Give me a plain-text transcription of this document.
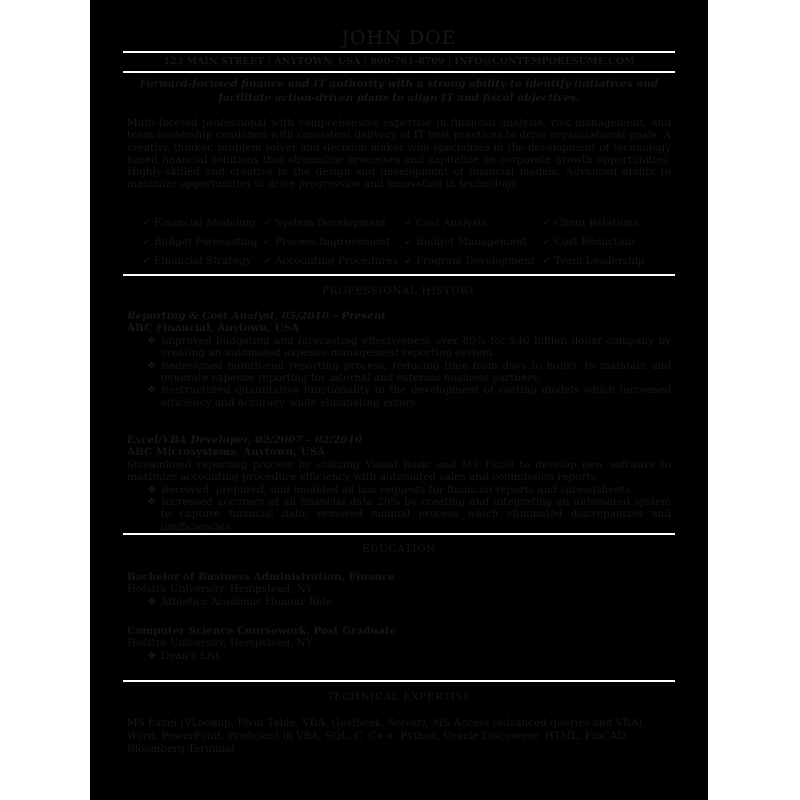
JOHN DOE
123 MAIN STREET | ANYTOWN, USA | 800-761-8709 | INFO@CONTEMPORESUME.COM
Forward-focused finance and IT authority with a strong ability to identify initiatives and facilitate action-driven plans to align IT and fiscal objectives.
Multi-faceted professional with comprehensive expertise in financial analysis, risk management, and team leadership combined with consistent delivery of IT best practices to drive organizational goals. A creative thinker, problem solver and decision maker who specializes in the development of technology based financial solutions that streamline processes and capitalize on corporate growth opportunities. Highly-skilled and creative in the design and development of financial models. Advanced ability to maximize opportunities to drive progression and innovation in technology.
✓ Financial Modeling ✓ System Development ✓ Cost Analysis	✓ Client Relations
✓ Budget Forecasting ✓ Process Improvement ✓ Budget Management ✓ Cost Reduction
✓ Financial Strategy ✓ Accounting Procedures ✓ Program Development ✓ Team Leadership
PROFESSIONAL HISTORY
Reporting & Cost Analyst, 05/2010 – Present
ABC Financial, Anytown, USA
❖ Improved budgeting and forecasting effectiveness over 80% for $40 billion dollar company by creating an automated expense management reporting system.
❖ Redesigned month-end reporting process, reducing time from days to hours, to maintain and generate expense reporting for internal and external business partners.
❖ Restructured quantitative functionality in the development of costing models which increased efficiency and accuracy while eliminating errors.
Excel/VBA Developer, 02/2007 – 02/2010
ABC Microsystems, Anytown, USA
Streamlined reporting process by utilizing Visual Basic and MS Excel to develop new software to maximize accounting procedure efficiency with automated sales and commission reports.
❖ Received, prepared, and modeled ad hoc requests for financial reports and spreadsheets.
❖ Increased accuracy of all financial data 20% by creating and integrating an automated system to capture financial data; removed manual process which eliminated discrepancies and inefficiencies.
EDUCATION
Bachelor of Business Administration, Finance
Hofstra University, Hempstead, NY
❖ Athletics Academic Honour Role
Computer Science Coursework, Post Graduate
Hofstra University, Hempstead, NY
❖ Dean's List
TECHNICAL EXPERTISE
MS Excel (VLookup, Pivot Table, VBA, GoalSeek, Solver), MS Access (advanced queries and VBA), Word, PowerPoint. Proficient in VBA, SQL, C, C++, Python, Oracle Discoverer, HTML, FinCAD, Bloomberg Terminal
